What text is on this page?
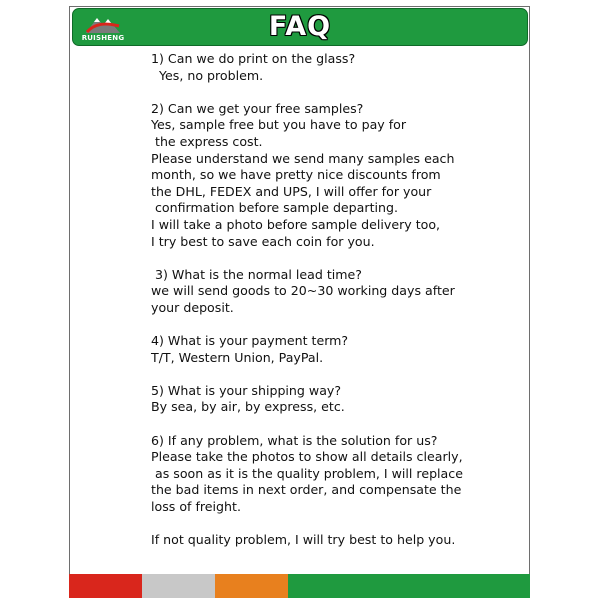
RUISHENG	FAQ
1) Can we do print on the glass?
Yes, no problem.
2) Can we get your free samples?
Yes, sample free but you have to pay for
the express cost.
Please understand we send many samples each
month, so we have pretty nice discounts from
the DHL, FEDEX and UPS, I will offer for your
confirmation before sample departing.
I will take a photo before sample delivery too,
I try best to save each coin for you.
3) What is the normal lead time?
we will send goods to 20~30 working days after
your deposit.
4) What is your payment term?
T/T, Western Union, PayPal.
5) What is your shipping way?
By sea, by air, by express, etc.
6) If any problem, what is the solution for us?
Please take the photos to show all details clearly,
as soon as it is the quality problem, I will replace
the bad items in next order, and compensate the
loss of freight.
If not quality problem, I will try best to help you.
